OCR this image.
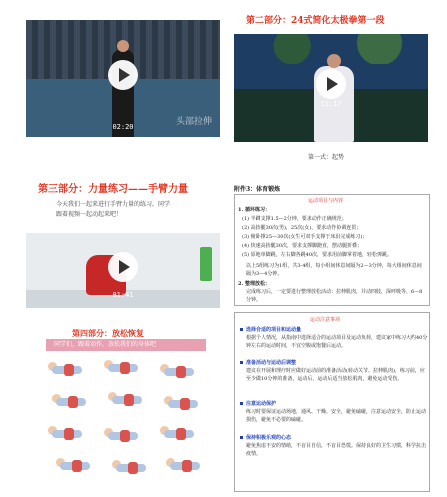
02:20	头部拉伸
第三部分：力量练习——手臂力量
今天我们一起来进行手臂力量的练习。同学
跟着视频一起动起来吧！
01:41
第四部分：放松恢复
同学们，跟着动作，放松我们的身体吧
第二部分：24式简化太极拳第一段
11:17
第一式：起势
附件3：体育锻炼
运动项目与内容
1. 循环练习：
(1) 半蹲支撑1.5—2分钟，要求动作正确规范；
(2) 高抬腿30次(男)，25次(女)，要求动作协调连贯；
(3) 俯卧撑25—30次(女生可双手支撑于床沿完成练习)；
(4) 快速高抬腿30次，要求支撑脚蹬直，摆动腿折叠；
(5) 原地单脚跳，左右脚各跳40次，要求用前脚掌着地，轻松弹跳。
以上5组练习为1组，共3-4组，每小组间休息间隔为2—3分钟，每大组间休息间隔为3—4分钟。
2. 整理放松：
完成练习后，一定要进行整理放松活动：拉伸肌肉，并动四肢，深呼吸等，6—8分钟。
运动注意事项
选择合适的项目和运动量
根据个人情况，从指南中选择适合的运动项目及运动负荷，建议家中练习大约40分钟左右的运动时间，不宜空腹或饱餐后运动。
准备活动与运动后调整
建议在开展和理疗时应做好运动前的准备活动(转动关节、拉伸肌肉)，练习前，应至少做10分钟的准备，运动后，运动后适当放松肌肉，避免运动受伤。
注意运动保护
练习时要保证运动场地，通风、干燥、安全，避免磕碰，注意运动安全，防止运动损伤，避免不必要的磕碰。
保持积极乐观的心态
避免焦虑不安的情绪，不盲目自信，不盲目恐慌。保持良好的卫生习惯，科学抗击疫情。
